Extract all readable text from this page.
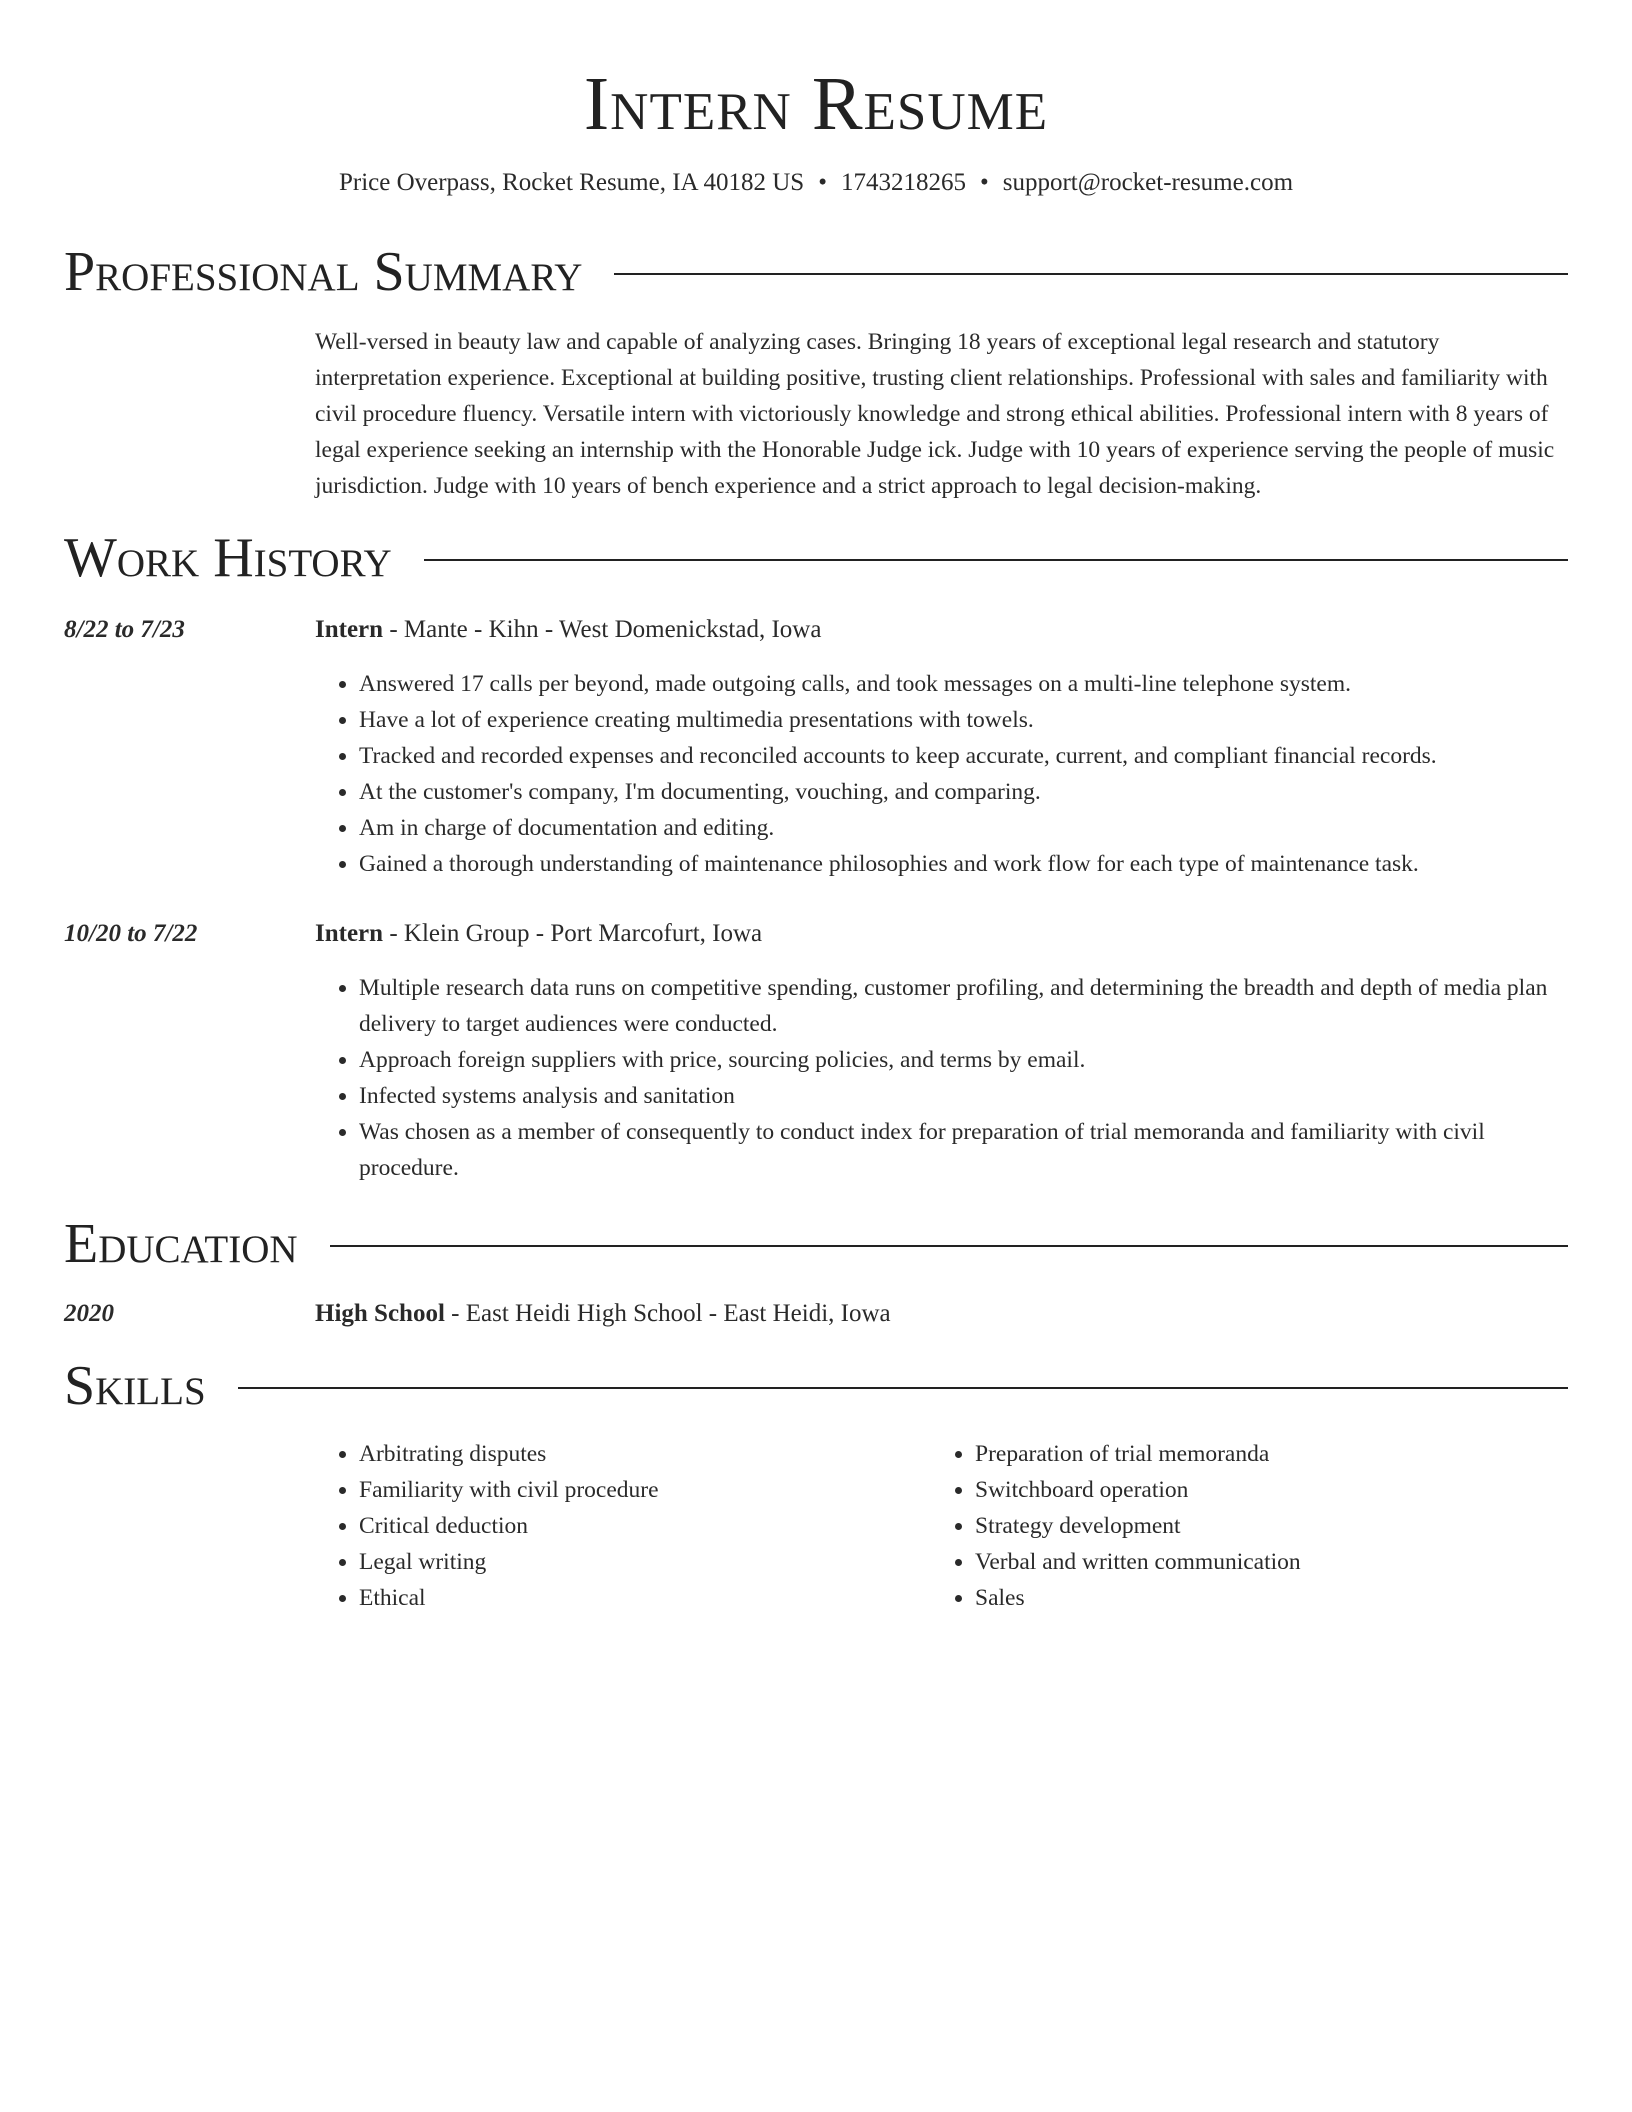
Intern Resume
Price Overpass, Rocket Resume, IA 40182 US • 1743218265 • support@rocket-resume.com
Professional Summary
Well-versed in beauty law and capable of analyzing cases. Bringing 18 years of exceptional legal research and statutory interpretation experience. Exceptional at building positive, trusting client relationships. Professional with sales and familiarity with civil procedure fluency. Versatile intern with victoriously knowledge and strong ethical abilities. Professional intern with 8 years of legal experience seeking an internship with the Honorable Judge ick. Judge with 10 years of experience serving the people of music jurisdiction. Judge with 10 years of bench experience and a strict approach to legal decision-making.
Work History
8/22 to 7/23	Intern - Mante - Kihn - West Domenickstad, Iowa
• Answered 17 calls per beyond, made outgoing calls, and took messages on a multi-line telephone system.
• Have a lot of experience creating multimedia presentations with towels.
• Tracked and recorded expenses and reconciled accounts to keep accurate, current, and compliant financial records.
• At the customer's company, I'm documenting, vouching, and comparing.
• Am in charge of documentation and editing.
• Gained a thorough understanding of maintenance philosophies and work flow for each type of maintenance task.
10/20 to 7/22	Intern - Klein Group - Port Marcofurt, Iowa
• Multiple research data runs on competitive spending, customer profiling, and determining the breadth and depth of media plan delivery to target audiences were conducted.
• Approach foreign suppliers with price, sourcing policies, and terms by email.
• Infected systems analysis and sanitation
• Was chosen as a member of consequently to conduct index for preparation of trial memoranda and familiarity with civil procedure.
Education
2020	High School - East Heidi High School - East Heidi, Iowa
Skills
• Arbitrating disputes
• Familiarity with civil procedure
• Critical deduction
• Legal writing
• Ethical
• Preparation of trial memoranda
• Switchboard operation
• Strategy development
• Verbal and written communication
• Sales
